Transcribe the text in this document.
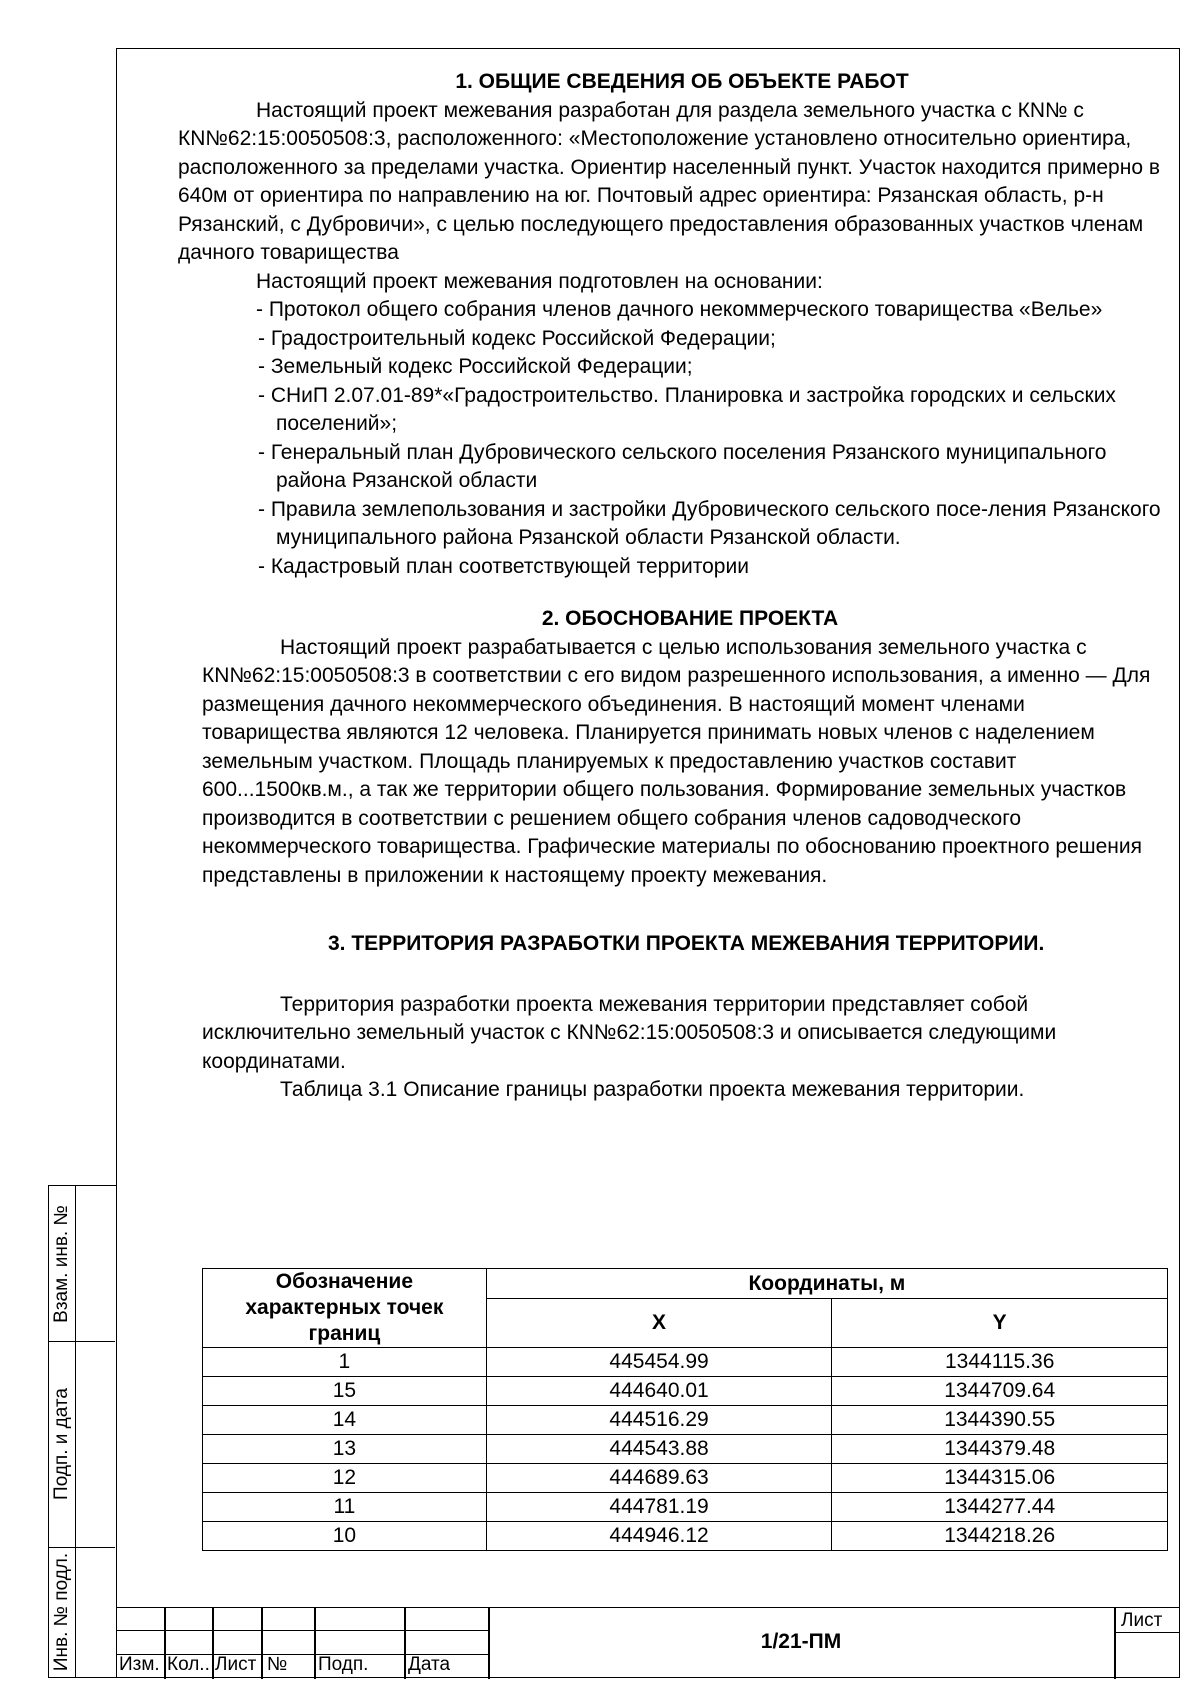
1. ОБЩИЕ СВЕДЕНИЯ ОБ ОБЪЕКТЕ РАБОТ

Настоящий проект межевания разработан для раздела земельного участка с КN№ с КN№62:15:0050508:3, расположенного: «Местоположение установлено относительно ориентира, расположенного за пределами участка. Ориентир населенный пункт. Участок находится примерно в 640м от ориентира по направлению на юг. Почтовый адрес ориентира: Рязанская область, р-н Рязанский, с Дубровичи», с целью последующего предоставления образованных участков членам дачного товарищества

Настоящий проект межевания подготовлен на основании:

- Протокол общего собрания членов дачного некоммерческого товарищества «Велье»

- Градостроительный кодекс Российской Федерации;

- Земельный кодекс Российской Федерации;

- СНиП 2.07.01-89*«Градостроительство. Планировка и застройка городских и сельских поселений»;

- Генеральный план Дубровического сельского поселения Рязанского муниципального района Рязанской области

- Правила землепользования и застройки Дубровического сельского посе-ления Рязанского муниципального района Рязанской области Рязанской области.

- Кадастровый план соответствующей территории

2. ОБОСНОВАНИЕ ПРОЕКТА

Настоящий проект разрабатывается с целью использования земельного участка с КN№62:15:0050508:3 в соответствии с его видом разрешенного использования, а именно — Для размещения дачного некоммерческого объединения. В настоящий момент членами товарищества являются 12 человека. Планируется принимать новых членов с наделением земельным участком. Площадь планируемых к предоставлению участков составит 600...1500кв.м., а так же территории общего пользования. Формирование земельных участков производится в соответствии с решением общего собрания членов садоводческого некоммерческого товарищества. Графические материалы по обоснованию проектного решения представлены в приложении к настоящему проекту межевания.

3. ТЕРРИТОРИЯ РАЗРАБОТКИ ПРОЕКТА МЕЖЕВАНИЯ ТЕРРИТОРИИ.

Территория разработки проекта межевания территории представляет собой исключительно земельный участок с КN№62:15:0050508:3 и описывается следующими координатами.

Таблица 3.1 Описание границы разработки проекта межевания территории.

Обозначение характерных точек границ	Координаты, м	
	X	Y
1	445454.99	1344115.36
15	444640.01	1344709.64
14	444516.29	1344390.55
13	444543.88	1344379.48
12	444689.63	1344315.06
11	444781.19	1344277.44
10	444946.12	1344218.26
Взам. инв. №
Подп. и дата
Инв. № подл. Изм. Кол.. Лист № Подп. Дата
1/21-ПМ
Лист
